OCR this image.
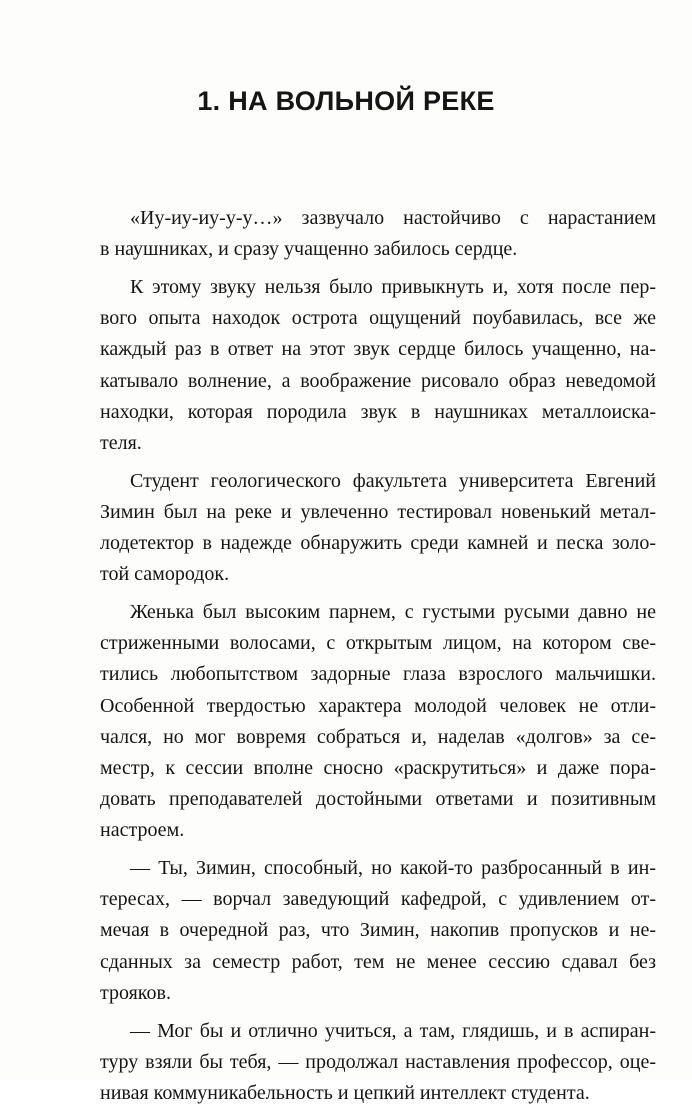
1. НА ВОЛЬНОЙ РЕКЕ

«Иу-иу-иу-у-у…» зазвучало настойчиво с нарастанием
в наушниках, и сразу учащенно забилось сердце.

К этому звуку нельзя было привыкнуть и, хотя после пер-
вого опыта находок острота ощущений поубавилась, все же
каждый раз в ответ на этот звук сердце билось учащенно, на-
катывало волнение, а воображение рисовало образ неведомой
находки, которая породила звук в наушниках металлоиска-
теля.

Студент геологического факультета университета Евгений
Зимин был на реке и увлеченно тестировал новенький метал-
лодетектор в надежде обнаружить среди камней и песка золо-
той самородок.

Женька был высоким парнем, с густыми русыми давно не
стриженными волосами, с открытым лицом, на котором све-
тились любопытством задорные глаза взрослого мальчишки.
Особенной твердостью характера молодой человек не отли-
чался, но мог вовремя собраться и, наделав «долгов» за се-
местр, к сессии вполне сносно «раскрутиться» и даже пора-
довать преподавателей достойными ответами и позитивным
настроем.

— Ты, Зимин, способный, но какой-то разбросанный в ин-
тересах, — ворчал заведующий кафедрой, с удивлением от-
мечая в очередной раз, что Зимин, накопив пропусков и не-
сданных за семестр работ, тем не менее сессию сдавал без
трояков.

— Мог бы и отлично учиться, а там, глядишь, и в аспиран-
туру взяли бы тебя, — продолжал наставления профессор, оце-
нивая коммуникабельность и цепкий интеллект студента.
